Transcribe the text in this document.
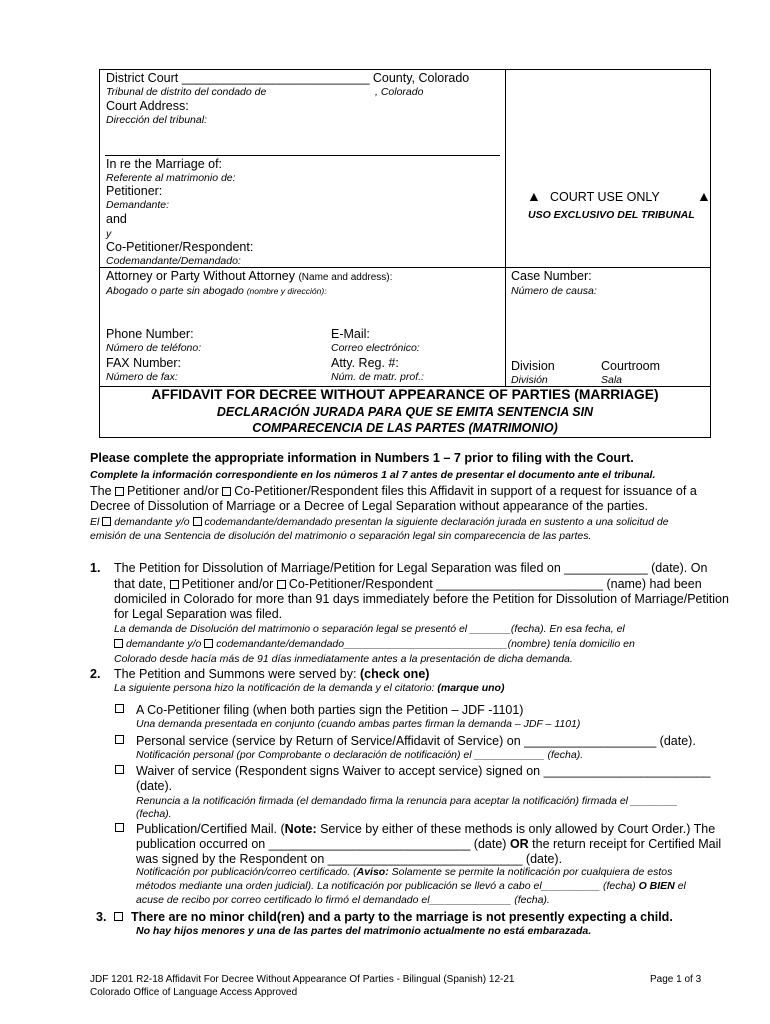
District Court ___________________________ County, Colorado
Tribunal de distrito del condado de	, Colorado
Court Address:
Dirección del tribunal:
In re the Marriage of:
Referente al matrimonio de:
Petitioner:
Demandante:
and
y
Co-Petitioner/Respondent:
Codemandante/Demandado:
Attorney or Party Without Attorney (Name and address):
Abogado o parte sin abogado (nombre y dirección):
Phone Number:
Número de teléfono:
FAX Number:
Número de fax:
E-Mail:
Correo electrónico:
Atty. Reg. #:
Núm. de matr. prof.:
▲ COURT USE ONLY	▲
USO EXCLUSIVO DEL TRIBUNAL
Case Number:
Número de causa:
Division
División
Courtroom
Sala
AFFIDAVIT FOR DECREE WITHOUT APPEARANCE OF PARTIES (MARRIAGE)
DECLARACIÓN JURADA PARA QUE SE EMITA SENTENCIA SIN
COMPARECENCIA DE LAS PARTES (MATRIMONIO)
Please complete the appropriate information in Numbers 1 – 7 prior to filing with the Court.
Complete la información correspondiente en los números 1 al 7 antes de presentar el documento ante el tribunal.
The Petitioner and/or Co-Petitioner/Respondent files this Affidavit in support of a request for issuance of a
Decree of Dissolution of Marriage or a Decree of Legal Separation without appearance of the parties.
El demandante y/o codemandante/demandado presentan la siguiente declaración jurada en sustento a una solicitud de
emisión de una Sentencia de disolución del matrimonio o separación legal sin comparecencia de las partes.
1. The Petition for Dissolution of Marriage/Petition for Legal Separation was filed on ____________ (date). On
that date, Petitioner and/or Co-Petitioner/Respondent ________________________ (name) had been
domiciled in Colorado for more than 91 days immediately before the Petition for Dissolution of Marriage/Petition
for Legal Separation was filed.
La demanda de Disolución del matrimonio o separación legal se presentó el _______(fecha). En esa fecha, el
demandante y/o codemandante/demandado____________________________(nombre) tenía domicilio en
Colorado desde hacía más de 91 días inmediatamente antes a la presentación de dicha demanda.
2. The Petition and Summons were served by: (check one)
La siguiente persona hizo la notificación de la demanda y el citatorio: (marque uno)
A Co-Petitioner filing (when both parties sign the Petition – JDF -1101)
Una demanda presentada en conjunto (cuando ambas partes firman la demanda – JDF – 1101)
Personal service (service by Return of Service/Affidavit of Service) on ___________________ (date).
Notificación personal (por Comprobante o declaración de notificación) el ____________ (fecha).
Waiver of service (Respondent signs Waiver to accept service) signed on ________________________
(date).
Renuncia a la notificación firmada (el demandado firma la renuncia para aceptar la notificación) firmada el ________
(fecha).
Publication/Certified Mail. (Note: Service by either of these methods is only allowed by Court Order.) The
publication occurred on _____________________________ (date) OR the return receipt for Certified Mail
was signed by the Respondent on ____________________________ (date).
Notificación por publicación/correo certificado. (Aviso: Solamente se permite la notificación por cualquiera de estos
métodos mediante una orden judicial). La notificación por publicación se llevó a cabo el__________ (fecha) O BIEN el
acuse de recibo por correo certificado lo firmó el demandado el______________ (fecha).
3. There are no minor child(ren) and a party to the marriage is not presently expecting a child.
No hay hijos menores y una de las partes del matrimonio actualmente no está embarazada.
JDF 1201 R2-18 Affidavit For Decree Without Appearance Of Parties - Bilingual (Spanish) 12-21
Colorado Office of Language Access Approved
Page 1 of 3
